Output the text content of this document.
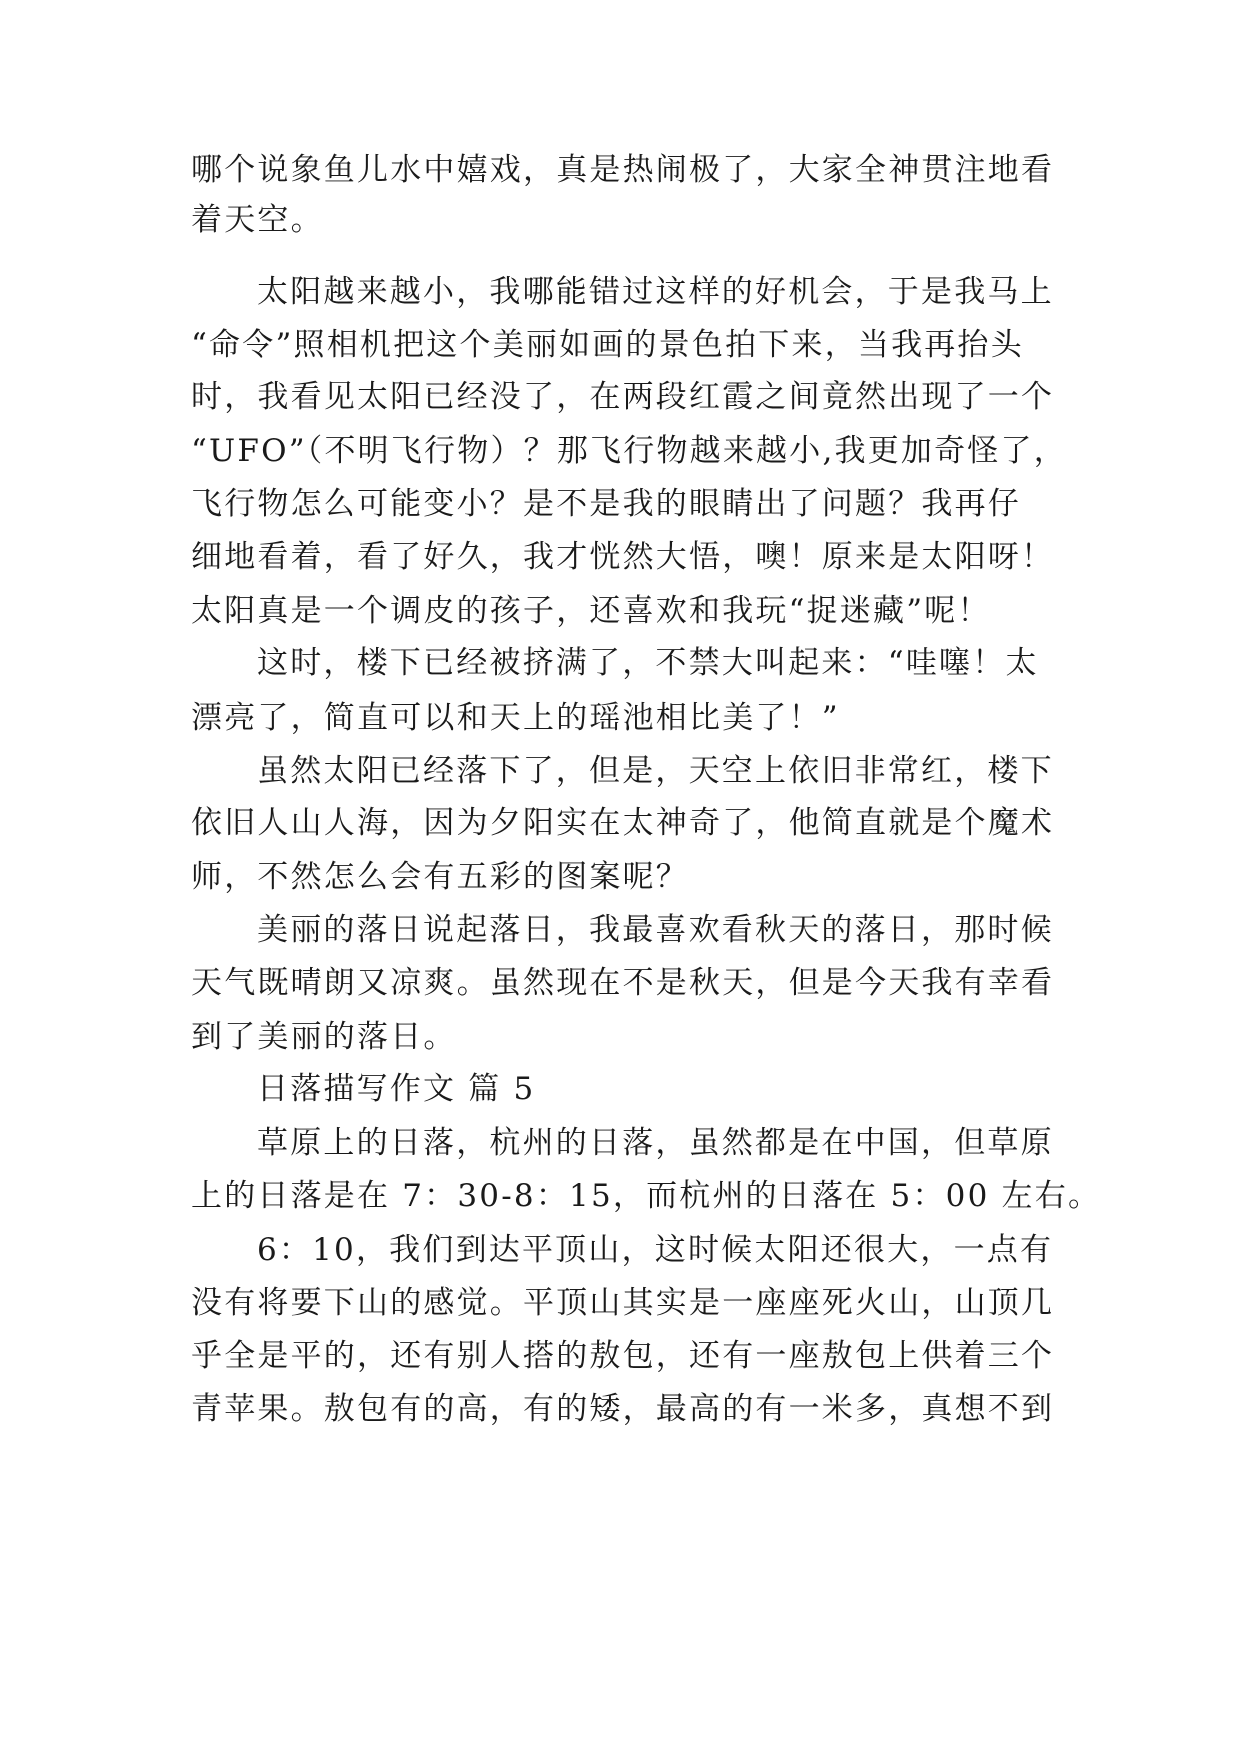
哪个说象鱼儿水中嬉戏，真是热闹极了，大家全神贯注地看
着天空。
太阳越来越小，我哪能错过这样的好机会，于是我马上
“命令”照相机把这个美丽如画的景色拍下来，当我再抬头
时，我看见太阳已经没了，在两段红霞之间竟然出现了一个
“UFO”（不明飞行物）？那飞行物越来越小,我更加奇怪了，
飞行物怎么可能变小？是不是我的眼睛出了问题？我再仔
细地看着，看了好久，我才恍然大悟，噢！原来是太阳呀！
太阳真是一个调皮的孩子，还喜欢和我玩“捉迷藏”呢！
这时，楼下已经被挤满了，不禁大叫起来：“哇噻！太
漂亮了，简直可以和天上的瑶池相比美了！”
虽然太阳已经落下了，但是，天空上依旧非常红，楼下
依旧人山人海，因为夕阳实在太神奇了，他简直就是个魔术
师，不然怎么会有五彩的图案呢？
美丽的落日说起落日，我最喜欢看秋天的落日，那时候
天气既晴朗又凉爽。虽然现在不是秋天，但是今天我有幸看
到了美丽的落日。
日落描写作文 篇 5
草原上的日落，杭州的日落，虽然都是在中国，但草原
上的日落是在 7：30-8：15，而杭州的日落在 5：00 左右。
6：10，我们到达平顶山，这时候太阳还很大，一点有
没有将要下山的感觉。平顶山其实是一座座死火山，山顶几
乎全是平的，还有别人搭的敖包，还有一座敖包上供着三个
青苹果。敖包有的高，有的矮，最高的有一米多，真想不到
